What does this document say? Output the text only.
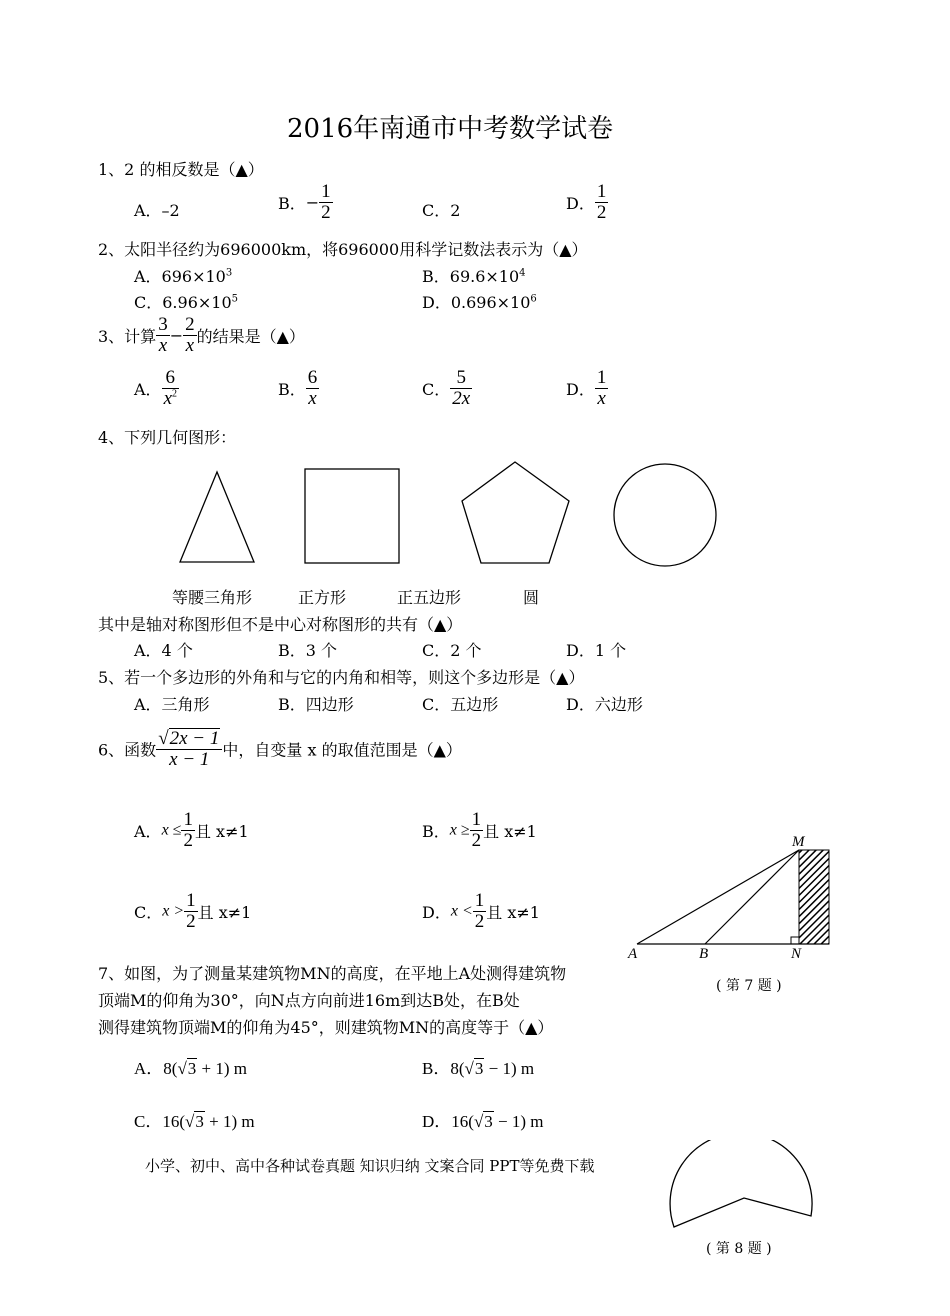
2016年南通市中考数学试卷
1、2 的相反数是（▲）
A．–2	B．− $\frac{1}{2}$	C．2	D． $\frac{1}{2}$
2、太阳半径约为696000km，将696000用科学记数法表示为（▲）
A．$696\times 10^3$	B．$69.6\times 10^4$
C．$6.96\times 10^5$	D．$0.696\times 10^6$
3、计算 $\frac{3}{x} - \frac{2}{x}$ 的结果是（▲）
A． $\frac{6}{x^2}$	B． $\frac{6}{x}$	C． $\frac{5}{2x}$	D． $\frac{1}{x}$
4、下列几何图形：
等腰三角形	正方形	正五边形	圆
其中是轴对称图形但不是中心对称图形的共有（▲）
A．4 个	B．3 个	C．2 个	D．1 个
5、若一个多边形的外角和与它的内角和相等，则这个多边形是（▲）
A．三角形	B．四边形	C．五边形	D．六边形
6、函数 $\frac{√2x - 1}{x - 1}$ 中，自变量 x 的取值范围是（▲）
A．$x \le \frac{1}{2}$ 且 x≠1	B．$x \ge \frac{1}{2}$ 且 x≠1
C．$x > \frac{1}{2}$ 且 x≠1	D．$x < \frac{1}{2}$ 且 x≠1
M
A	B	N
( 第 7 题 )
7、如图，为了测量某建筑物MN的高度，在平地上A处测得建筑物
顶端M的仰角为30°，向N点方向前进16m到达B处，在B处
测得建筑物顶端M的仰角为45°，则建筑物MN的高度等于（▲）
A．8(√3 + 1) m	B．8(√3 − 1) m
C．16(√3 + 1) m	D．16(√3 − 1) m
小学、初中、高中各种试卷真题 知识归纳 文案合同 PPT等免费下载
( 第 8 题 )
